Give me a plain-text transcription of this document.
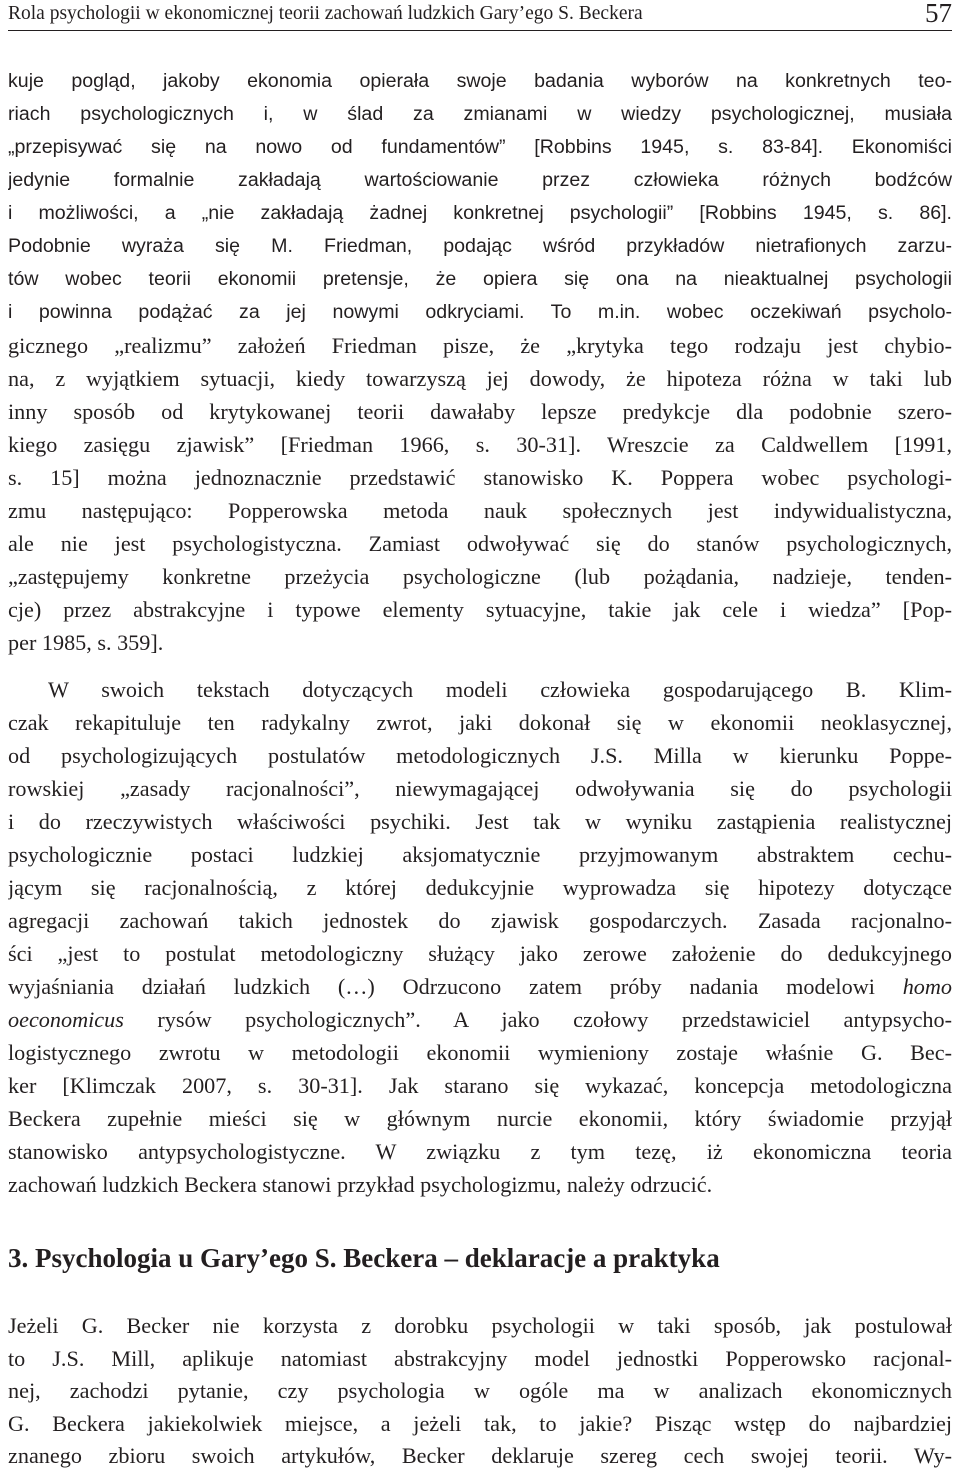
Rola psychologii w ekonomicznej teorii zachowań ludzkich Gary’ego S. Beckera	57
kuje pogląd, jakoby ekonomia opierała swoje badania wyborów na konkretnych teo-
riach psychologicznych i, w ślad za zmianami w wiedzy psychologicznej, musiała
„przepisywać się na nowo od fundamentów” [Robbins 1945, s. 83-84]. Ekonomiści
jedynie formalnie zakładają wartościowanie przez człowieka różnych bodźców
i możliwości, a „nie zakładają żadnej konkretnej psychologii” [Robbins 1945, s. 86].
Podobnie wyraża się M. Friedman, podając wśród przykładów nietrafionych zarzu-
tów wobec teorii ekonomii pretensje, że opiera się ona na nieaktualnej psychologii
i powinna podążać za jej nowymi odkryciami. To m.in. wobec oczekiwań psycholo-
gicznego „realizmu” założeń Friedman pisze, że „krytyka tego rodzaju jest chybio-
na, z wyjątkiem sytuacji, kiedy towarzyszą jej dowody, że hipoteza różna w taki lub
inny sposób od krytykowanej teorii dawałaby lepsze predykcje dla podobnie szero-
kiego zasięgu zjawisk” [Friedman 1966, s. 30-31]. Wreszcie za Caldwellem [1991,
s. 15] można jednoznacznie przedstawić stanowisko K. Poppera wobec psychologi-
zmu następująco: Popperowska metoda nauk społecznych jest indywidualistyczna,
ale nie jest psychologistyczna. Zamiast odwoływać się do stanów psychologicznych,
„zastępujemy konkretne przeżycia psychologiczne (lub pożądania, nadzieje, tenden-
cje) przez abstrakcyjne i typowe elementy sytuacyjne, takie jak cele i wiedza” [Pop-
per 1985, s. 359].
W swoich tekstach dotyczących modeli człowieka gospodarującego B. Klim-
czak rekapituluje ten radykalny zwrot, jaki dokonał się w ekonomii neoklasycznej,
od psychologizujących postulatów metodologicznych J.S. Milla w kierunku Poppe-
rowskiej „zasady racjonalności”, niewymagającej odwoływania się do psychologii
i do rzeczywistych właściwości psychiki. Jest tak w wyniku zastąpienia realistycznej
psychologicznie postaci ludzkiej aksjomatycznie przyjmowanym abstraktem cechu-
jącym się racjonalnością, z której dedukcyjnie wyprowadza się hipotezy dotyczące
agregacji zachowań takich jednostek do zjawisk gospodarczych. Zasada racjonalno-
ści „jest to postulat metodologiczny służący jako zerowe założenie do dedukcyjnego
wyjaśniania działań ludzkich (…) Odrzucono zatem próby nadania modelowi homo
oeconomicus rysów psychologicznych”. A jako czołowy przedstawiciel antypsycho-
logistycznego zwrotu w metodologii ekonomii wymieniony zostaje właśnie G. Bec-
ker [Klimczak 2007, s. 30-31]. Jak starano się wykazać, koncepcja metodologiczna
Beckera zupełnie mieści się w głównym nurcie ekonomii, który świadomie przyjął
stanowisko antypsychologistyczne. W związku z tym tezę, iż ekonomiczna teoria
zachowań ludzkich Beckera stanowi przykład psychologizmu, należy odrzucić.
3. Psychologia u Gary’ego S. Beckera – deklaracje a praktyka
Jeżeli G. Becker nie korzysta z dorobku psychologii w taki sposób, jak postulował
to J.S. Mill, aplikuje natomiast abstrakcyjny model jednostki Popperowsko racjonal-
nej, zachodzi pytanie, czy psychologia w ogóle ma w analizach ekonomicznych
G. Beckera jakiekolwiek miejsce, a jeżeli tak, to jakie? Pisząc wstęp do najbardziej
znanego zbioru swoich artykułów, Becker deklaruje szereg cech swojej teorii. Wy-
